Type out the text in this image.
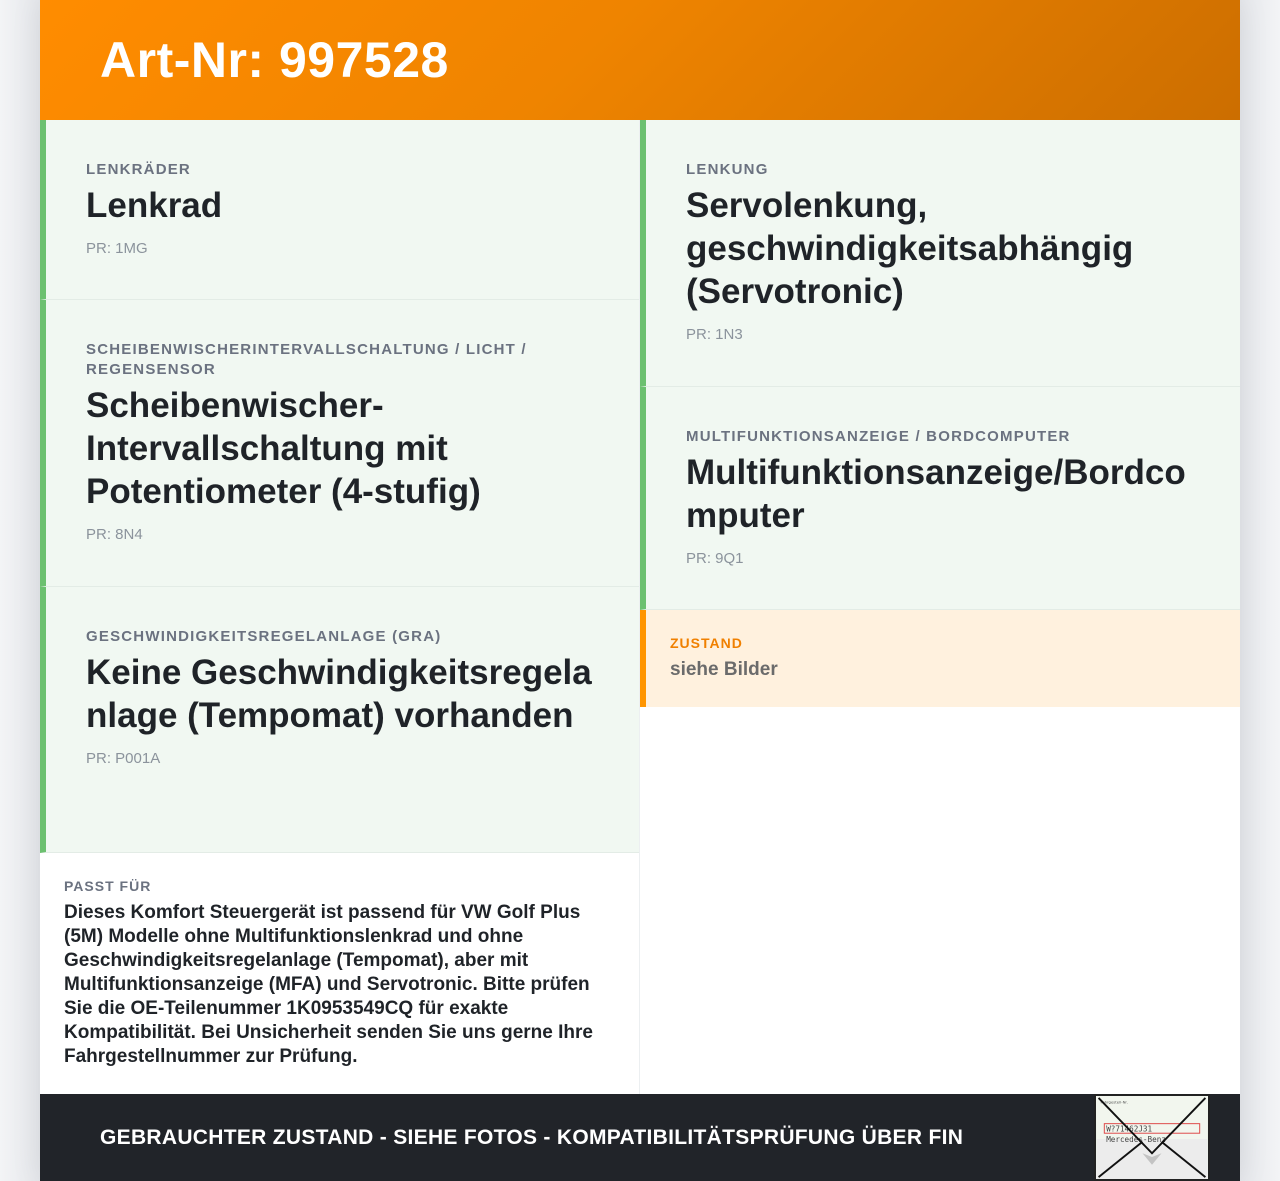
Art-Nr: 997528
LENKRÄDER
Lenkrad
PR: 1MG
SCHEIBENWISCHERINTERVALLSCHALTUNG / LICHT / REGENSENSOR
Scheibenwischer-Intervallschaltung mit Potentiometer (4-stufig)
PR: 8N4
GESCHWINDIGKEITSREGELANLAGE (GRA)
Keine Geschwindigkeitsregelanlage (Tempomat) vorhanden
PR: P001A
PASST FÜR
Dieses Komfort Steuergerät ist passend für VW Golf Plus (5M) Modelle ohne Multifunktionslenkrad und ohne Geschwindigkeitsregelanlage (Tempomat), aber mit Multifunktionsanzeige (MFA) und Servotronic. Bitte prüfen Sie die OE-Teilenummer 1K0953549CQ für exakte Kompatibilität. Bei Unsicherheit senden Sie uns gerne Ihre Fahrgestellnummer zur Prüfung.
LENKUNG
Servolenkung, geschwindigkeitsabhängig (Servotronic)
PR: 1N3
MULTIFUNKTIONSANZEIGE / BORDCOMPUTER
Multifunktionsanzeige/Bordcomputer
PR: 9Q1
ZUSTAND
siehe Bilder
GEBRAUCHTER ZUSTAND - SIEHE FOTOS - KOMPATIBILITÄTSPRÜFUNG ÜBER FIN
Fahrgestell-Nr.
W?71462J31
Mercedes-Benz
